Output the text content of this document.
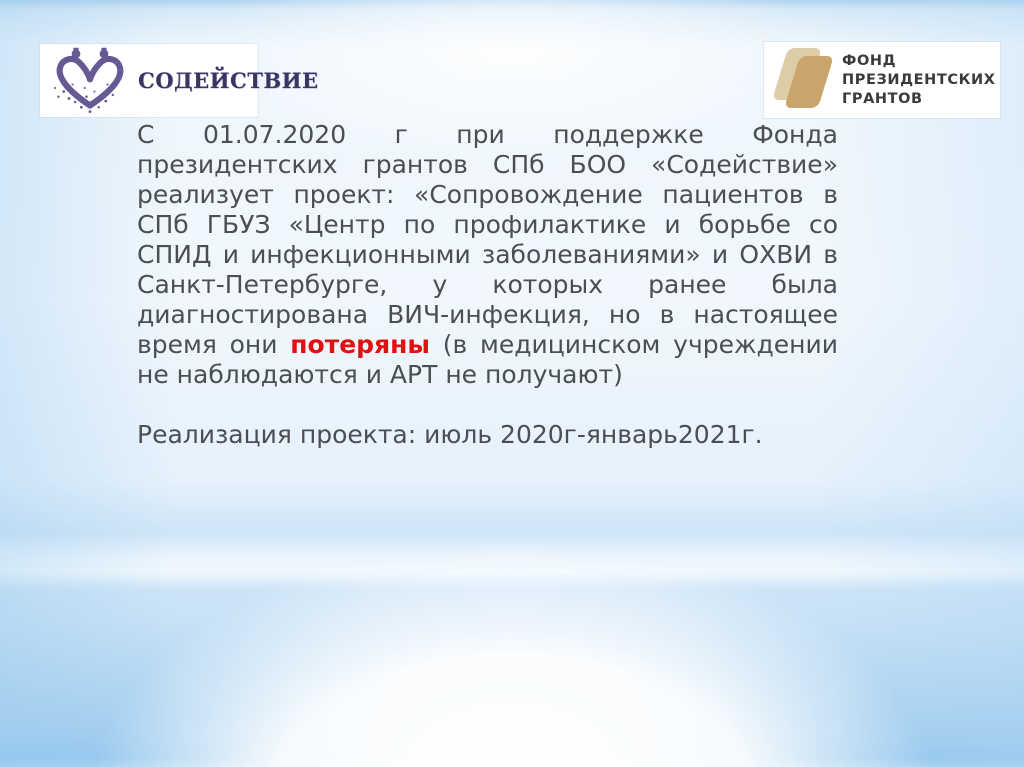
СОДЕЙСТВИЕ
ФОНД
ПРЕЗИДЕНТСКИХ
ГРАНТОВ
С 01.07.2020 г при поддержке Фонда президентских грантов СПб БОО «Содействие» реализует проект: «Сопровождение пациентов в СПб ГБУЗ «Центр по профилактике и борьбе со СПИД и инфекционными заболеваниями» и ОХВИ в Санкт-Петербурге, у которых ранее была диагностирована ВИЧ-инфекция, но в настоящее время они потеряны (в медицинском учреждении не наблюдаются и АРТ не получают)
Реализация проекта: июль 2020г-январь2021г.
